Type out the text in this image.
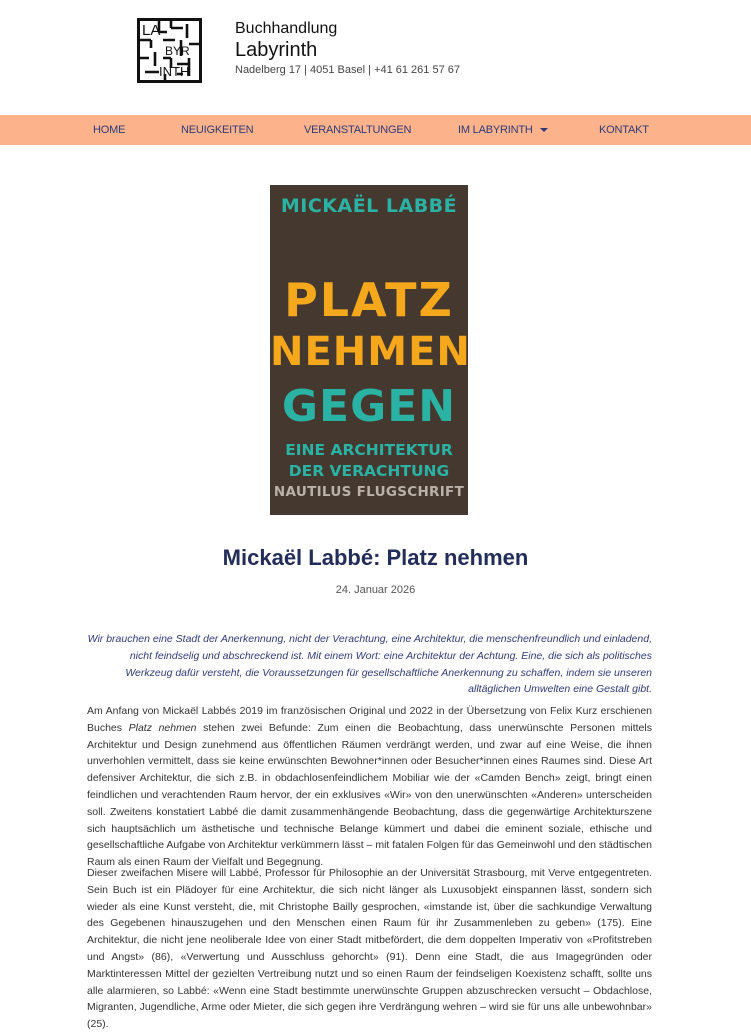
LA
BYR
INTH
Buchhandlung
Labyrinth
Nadelberg 17 | 4051 Basel | +41 61 261 57 67
HOME	NEUIGKEITEN	VERANSTALTUNGEN	IM LABYRINTH	KONTAKT
MICKAËL LABBÉ
PLATZ
NEHMEN
GEGEN
EINE ARCHITEKTUR
DER VERACHTUNG
NAUTILUS FLUGSCHRIFT
Mickaël Labbé: Platz nehmen
24. Januar 2026
Wir brauchen eine Stadt der Anerkennung, nicht der Verachtung, eine Architektur, die menschenfreundlich und einladend, nicht feindselig und abschreckend ist. Mit einem Wort: eine Architektur der Achtung. Eine, die sich als politisches Werkzeug dafür versteht, die Voraussetzungen für gesellschaftliche Anerkennung zu schaffen, indem sie unseren alltäglichen Umwelten eine Gestalt gibt.

Am Anfang von Mickaël Labbés 2019 im französischen Original und 2022 in der Übersetzung von Felix Kurz erschienen Buches Platz nehmen stehen zwei Befunde: Zum einen die Beobachtung, dass unerwünschte Personen mittels Architektur und Design zunehmend aus öffentlichen Räumen verdrängt werden, und zwar auf eine Weise, die ihnen unverhohlen vermittelt, dass sie keine erwünschten Bewohner*innen oder Besucher*innen eines Raumes sind. Diese Art defensiver Architektur, die sich z.B. in obdachlosenfeindlichem Mobiliar wie der «Camden Bench» zeigt, bringt einen feindlichen und verachtenden Raum hervor, der ein exklusives «Wir» von den unerwünschten «Anderen» unterscheiden soll. Zweitens konstatiert Labbé die damit zusammenhängende Beobachtung, dass die gegenwärtige Architekturszene sich hauptsächlich um ästhetische und technische Belange kümmert und dabei die eminent soziale, ethische und gesellschaftliche Aufgabe von Architektur verkümmern lässt – mit fatalen Folgen für das Gemeinwohl und den städtischen Raum als einen Raum der Vielfalt und Begegnung.

Dieser zweifachen Misere will Labbé, Professor für Philosophie an der Universität Strasbourg, mit Verve entgegentreten. Sein Buch ist ein Plädoyer für eine Architektur, die sich nicht länger als Luxusobjekt einspannen lässt, sondern sich wieder als eine Kunst versteht, die, mit Christophe Bailly gesprochen, «imstande ist, über die sachkundige Verwaltung des Gegebenen hinauszugehen und den Menschen einen Raum für ihr Zusammenleben zu geben» (175). Eine Architektur, die nicht jene neoliberale Idee von einer Stadt mitbefördert, die dem doppelten Imperativ von «Profitstreben und Angst» (86), «Verwertung und Ausschluss gehorcht» (91). Denn eine Stadt, die aus Imagegründen oder Marktinteressen Mittel der gezielten Vertreibung nutzt und so einen Raum der feindseligen Koexistenz schafft, sollte uns alle alarmieren, so Labbé: «Wenn eine Stadt bestimmte unerwünschte Gruppen abzuschrecken versucht – Obdachlose, Migranten, Jugendliche, Arme oder Mieter, die sich gegen ihre Verdrängung wehren – wird sie für uns alle unbewohnbar» (25).
